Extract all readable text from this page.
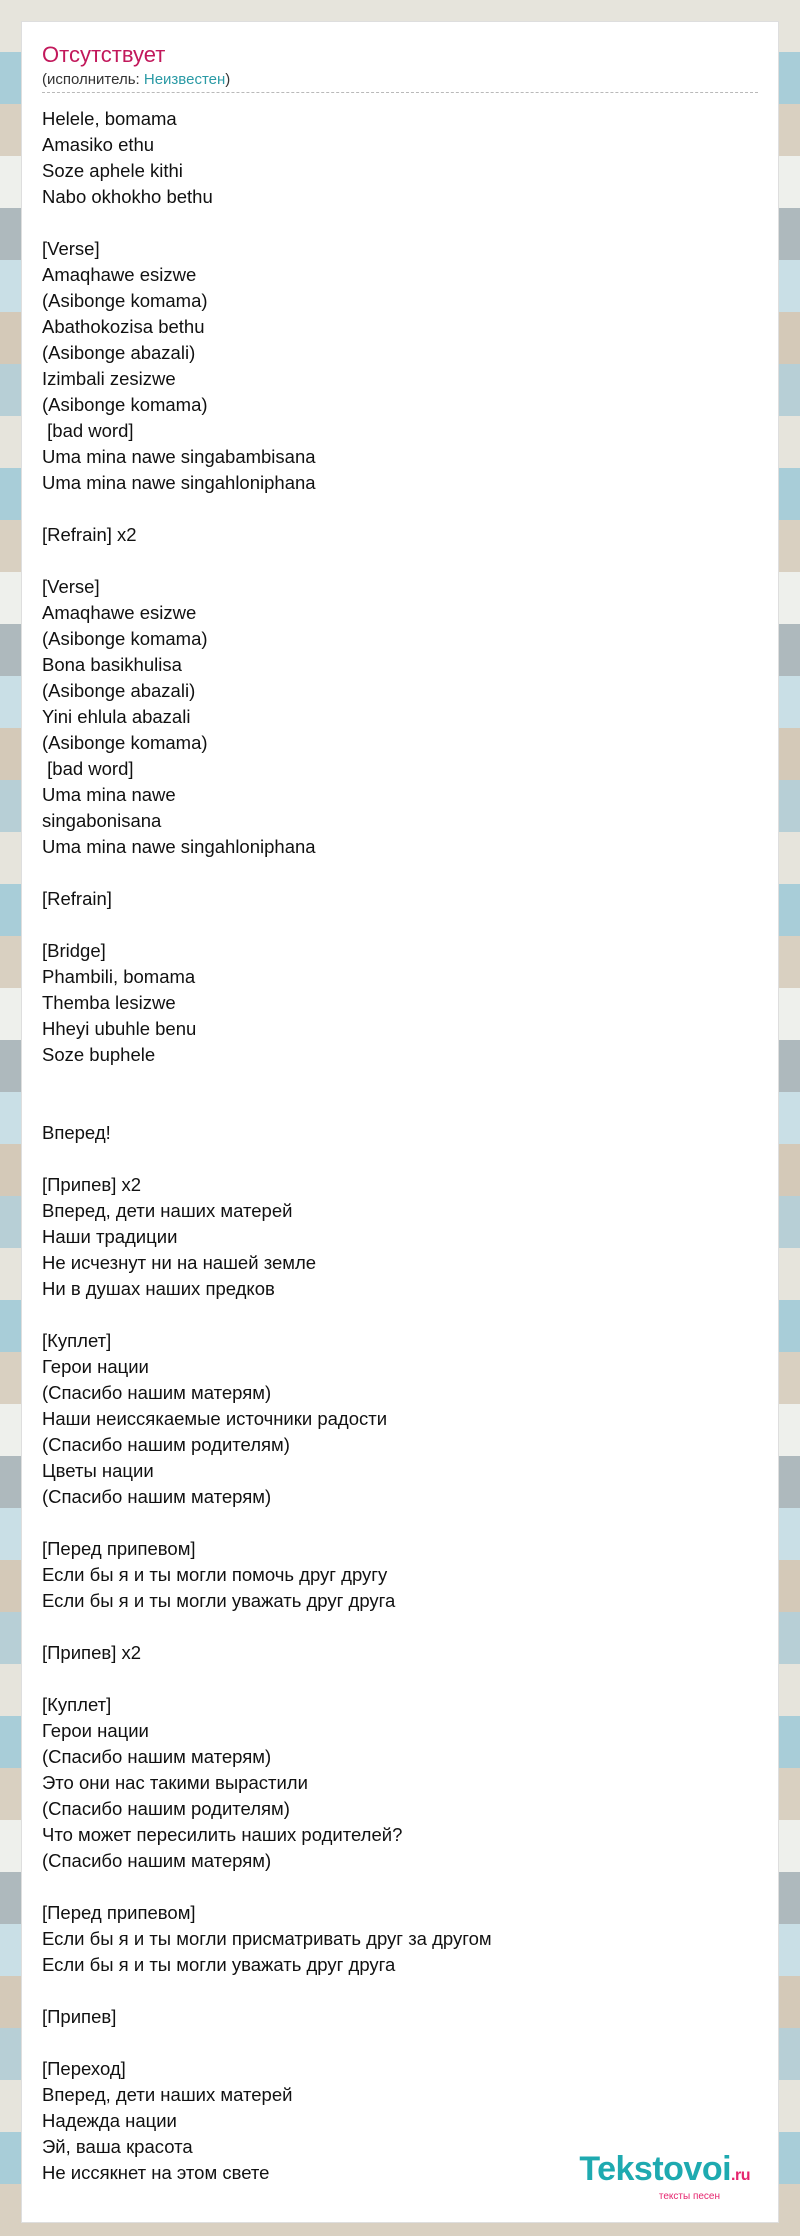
Отсутствует
(исполнитель: Неизвестен)
Helele, bomama
Amasiko ethu
Soze aphele kithi
Nabo okhokho bethu
[Verse]
Amaqhawe esizwe
(Asibonge komama)
Abathokozisa bethu
(Asibonge abazali)
Izimbali zesizwe
(Asibonge komama)
[bad word]
Uma mina nawe singabambisana
Uma mina nawe singahloniphana
[Refrain] x2
[Verse]
Amaqhawe esizwe
(Asibonge komama)
Bona basikhulisa
(Asibonge abazali)
Yini ehlula abazali
(Asibonge komama)
[bad word]
Uma mina nawe
singabonisana
Uma mina nawe singahloniphana
[Refrain]
[Bridge]
Phambili, bomama
Themba lesizwe
Hheyi ubuhle benu
Soze buphele
Вперед!
[Припев] x2
Вперед, дети наших матерей
Наши традиции
Не исчезнут ни на нашей земле
Ни в душах наших предков
[Куплет]
Герои нации
(Спасибо нашим матерям)
Наши неиссякаемые источники радости
(Спасибо нашим родителям)
Цветы нации
(Спасибо нашим матерям)
[Перед припевом]
Если бы я и ты могли помочь друг другу
Если бы я и ты могли уважать друг друга
[Припев] x2
[Куплет]
Герои нации
(Спасибо нашим матерям)
Это они нас такими вырастили
(Спасибо нашим родителям)
Что может пересилить наших родителей?
(Спасибо нашим матерям)
[Перед припевом]
Если бы я и ты могли присматривать друг за другом
Если бы я и ты могли уважать друг друга
[Припев]
[Переход]
Вперед, дети наших матерей
Надежда нации
Эй, ваша красота
Не иссякнет на этом свете	Tekstovoi.ru
тексты песен
